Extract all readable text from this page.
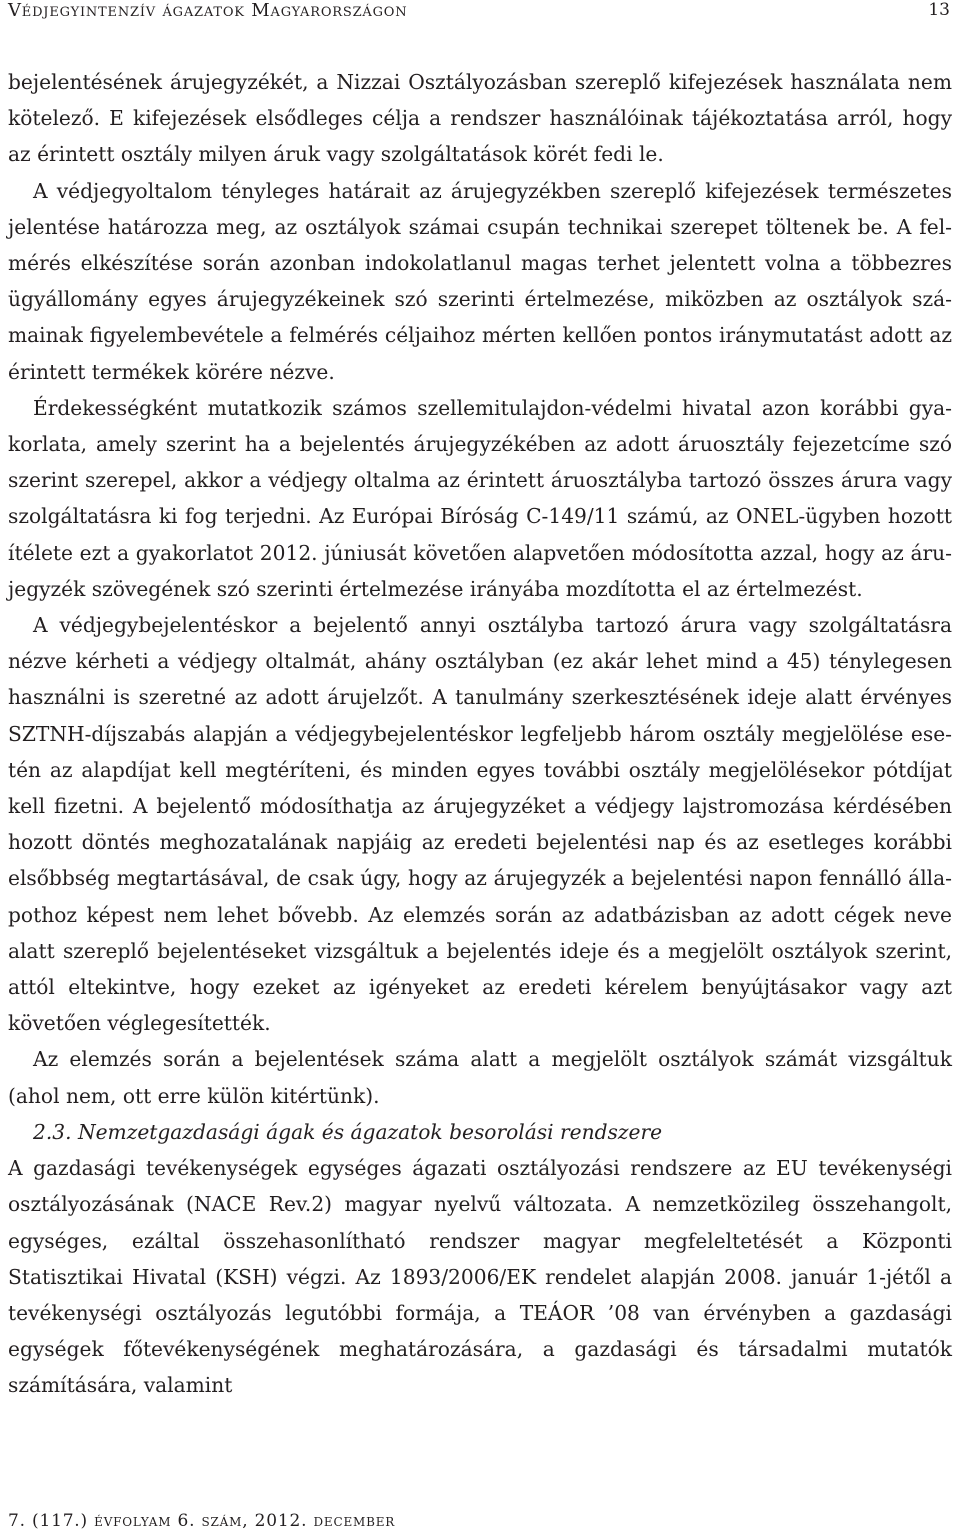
Védjegyintenzív ágazatok Magyarországon	13

bejelentésének árujegyzékét, a Nizzai Osztályozásban szereplő kifejezések használata nem kötelező. E kifejezések elsődleges célja a rendszer használóinak tájékoztatása arról, hogy az érintett osztály milyen áruk vagy szolgáltatások körét fedi le.

A védjegyoltalom tényleges határait az árujegyzékben szereplő kifejezések természetes jelentése határozza meg, az osztályok számai csupán technikai szerepet töltenek be. A felmérés elkészítése során azonban indokolatlanul magas terhet jelentett volna a többezres ügyállomány egyes árujegyzékeinek szó szerinti értelmezése, miközben az osztályok számainak figyelembevétele a felmérés céljaihoz mérten kellően pontos iránymutatást adott az érintett termékek körére nézve.

Érdekességként mutatkozik számos szellemitulajdon-védelmi hivatal azon korábbi gyakorlata, amely szerint ha a bejelentés árujegyzékében az adott áruosztály fejezetcíme szó szerint szerepel, akkor a védjegy oltalma az érintett áruosztályba tartozó összes árura vagy szolgáltatásra ki fog terjedni. Az Európai Bíróság C-149/11 számú, az ONEL-ügyben hozott ítélete ezt a gyakorlatot 2012. júniusát követően alapvetően módosította azzal, hogy az árujegyzék szövegének szó szerinti értelmezése irányába mozdította el az értelmezést.

A védjegybejelentéskor a bejelentő annyi osztályba tartozó árura vagy szolgáltatásra nézve kérheti a védjegy oltalmát, ahány osztályban (ez akár lehet mind a 45) ténylegesen használni is szeretné az adott árujelzőt. A tanulmány szerkesztésének ideje alatt érvényes SZTNH-díjszabás alapján a védjegybejelentéskor legfeljebb három osztály megjelölése esetén az alapdíjat kell megtéríteni, és minden egyes további osztály megjelölésekor pótdíjat kell fizetni. A bejelentő módosíthatja az árujegyzéket a védjegy lajstromozása kérdésében hozott döntés meghozatalának napjáig az eredeti bejelentési nap és az esetleges korábbi elsőbbség megtartásával, de csak úgy, hogy az árujegyzék a bejelentési napon fennálló állapothoz képest nem lehet bővebb. Az elemzés során az adatbázisban az adott cégek neve alatt szereplő bejelentéseket vizsgáltuk a bejelentés ideje és a megjelölt osztályok szerint, attól eltekintve, hogy ezeket az igényeket az eredeti kérelem benyújtásakor vagy azt követően véglegesítették.

Az elemzés során a bejelentések száma alatt a megjelölt osztályok számát vizsgáltuk (ahol nem, ott erre külön kitértünk).

2.3. Nemzetgazdasági ágak és ágazatok besorolási rendszere

A gazdasági tevékenységek egységes ágazati osztályozási rendszere az EU tevékenységi osztályozásának (NACE Rev.2) magyar nyelvű változata. A nemzetközileg összehangolt, egységes, ezáltal összehasonlítható rendszer magyar megfeleltetését a Központi Statisztikai Hivatal (KSH) végzi. Az 1893/2006/EK rendelet alapján 2008. január 1-jétől a tevékenységi osztályozás legutóbbi formája, a TEÁOR ’08 van érvényben a gazdasági egységek főtevékenységének meghatározására, a gazdasági és társadalmi mutatók számítására, valamint

7. (117.) évfolyam 6. szám, 2012. december
